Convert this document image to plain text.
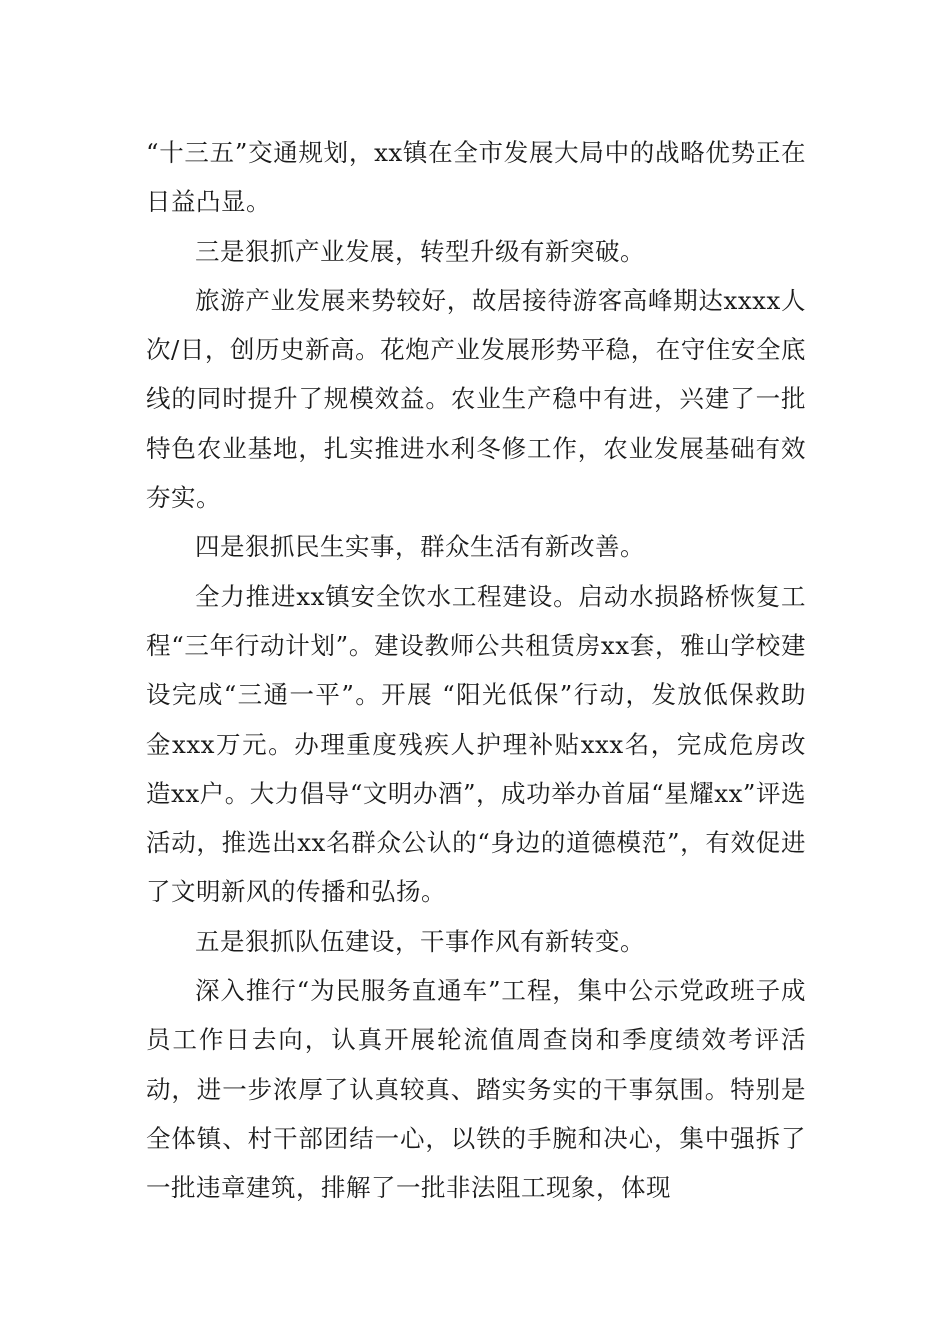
“十三五”交通规划，xx镇在全市发展大局中的战略优势正在日益凸显。

三是狠抓产业发展，转型升级有新突破。

旅游产业发展来势较好，故居接待游客高峰期达xxxx人次/日，创历史新高。花炮产业发展形势平稳，在守住安全底线的同时提升了规模效益。农业生产稳中有进，兴建了一批特色农业基地，扎实推进水利冬修工作，农业发展基础有效夯实。

四是狠抓民生实事，群众生活有新改善。

全力推进xx镇安全饮水工程建设。启动水损路桥恢复工程“三年行动计划”。建设教师公共租赁房xx套，雅山学校建设完成“三通一平”。开展 “阳光低保”行动，发放低保救助金xxx万元。办理重度残疾人护理补贴xxx名，完成危房改造xx户。大力倡导“文明办酒”，成功举办首届“星耀xx”评选活动，推选出xx名群众公认的“身边的道德模范”，有效促进了文明新风的传播和弘扬。

五是狠抓队伍建设，干事作风有新转变。

深入推行“为民服务直通车”工程，集中公示党政班子成员工作日去向，认真开展轮流值周查岗和季度绩效考评活动，进一步浓厚了认真较真、踏实务实的干事氛围。特别是全体镇、村干部团结一心，以铁的手腕和决心，集中强拆了一批违章建筑，排解了一批非法阻工现象，体现
